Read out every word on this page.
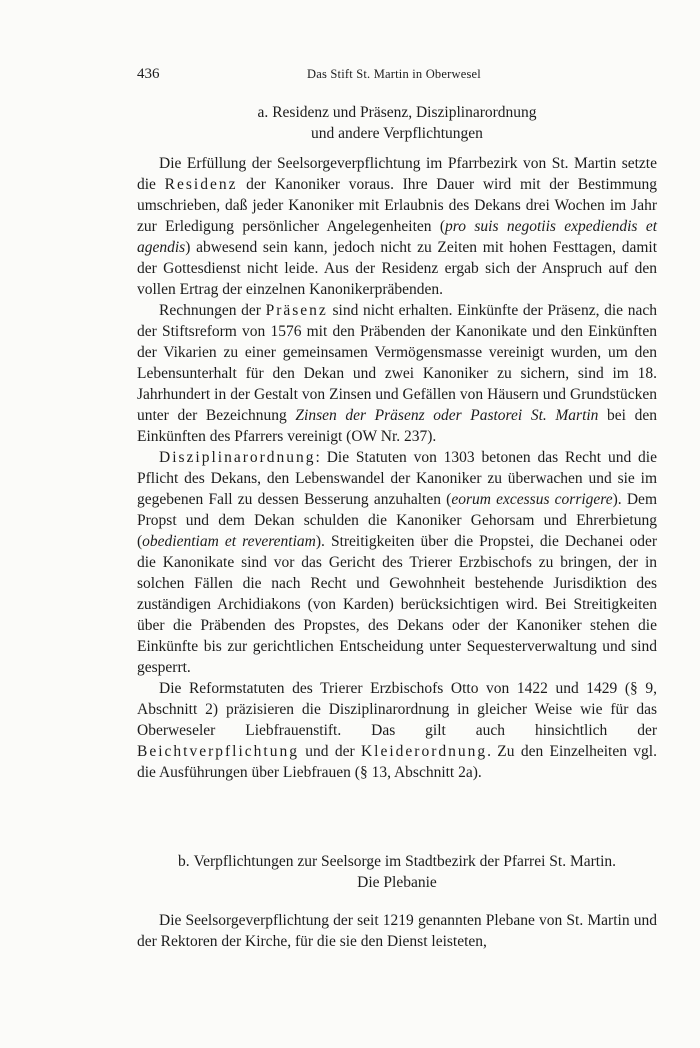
436	Das Stift St. Martin in Oberwesel
a. Residenz und Präsenz, Disziplinarordnung
und andere Verpflichtungen

Die Erfüllung der Seelsorgeverpflichtung im Pfarrbezirk von St. Martin setzte die Residenz der Kanoniker voraus. Ihre Dauer wird mit der Bestimmung umschrieben, daß jeder Kanoniker mit Erlaubnis des Dekans drei Wochen im Jahr zur Erledigung persönlicher Angelegenheiten (pro suis negotiis expediendis et agendis) abwesend sein kann, jedoch nicht zu Zeiten mit hohen Festtagen, damit der Gottesdienst nicht leide. Aus der Residenz ergab sich der Anspruch auf den vollen Ertrag der einzelnen Kanonikerpräbenden.

Rechnungen der Präsenz sind nicht erhalten. Einkünfte der Präsenz, die nach der Stiftsreform von 1576 mit den Präbenden der Kanonikate und den Einkünften der Vikarien zu einer gemeinsamen Vermögensmasse vereinigt wurden, um den Lebensunterhalt für den Dekan und zwei Kanoniker zu sichern, sind im 18. Jahrhundert in der Gestalt von Zinsen und Gefällen von Häusern und Grundstücken unter der Bezeichnung Zinsen der Präsenz oder Pastorei St. Martin bei den Einkünften des Pfarrers vereinigt (OW Nr. 237).

Disziplinarordnung: Die Statuten von 1303 betonen das Recht und die Pflicht des Dekans, den Lebenswandel der Kanoniker zu überwachen und sie im gegebenen Fall zu dessen Besserung anzuhalten (eorum excessus corrigere). Dem Propst und dem Dekan schulden die Kanoniker Gehorsam und Ehrerbietung (obedientiam et reverentiam). Streitigkeiten über die Propstei, die Dechanei oder die Kanonikate sind vor das Gericht des Trierer Erzbischofs zu bringen, der in solchen Fällen die nach Recht und Gewohnheit bestehende Jurisdiktion des zuständigen Archidiakons (von Karden) berücksichtigen wird. Bei Streitigkeiten über die Präbenden des Propstes, des Dekans oder der Kanoniker stehen die Einkünfte bis zur gerichtlichen Entscheidung unter Sequesterverwaltung und sind gesperrt.

Die Reformstatuten des Trierer Erzbischofs Otto von 1422 und 1429 (§ 9, Abschnitt 2) präzisieren die Disziplinarordnung in gleicher Weise wie für das Oberweseler Liebfrauenstift. Das gilt auch hinsichtlich der Beichtverpflichtung und der Kleiderordnung. Zu den Einzelheiten vgl. die Ausführungen über Liebfrauen (§ 13, Abschnitt 2a).

b. Verpflichtungen zur Seelsorge im Stadtbezirk der Pfarrei St. Martin.
Die Plebanie

Die Seelsorgeverpflichtung der seit 1219 genannten Plebane von St. Martin und der Rektoren der Kirche, für die sie den Dienst leisteten,
